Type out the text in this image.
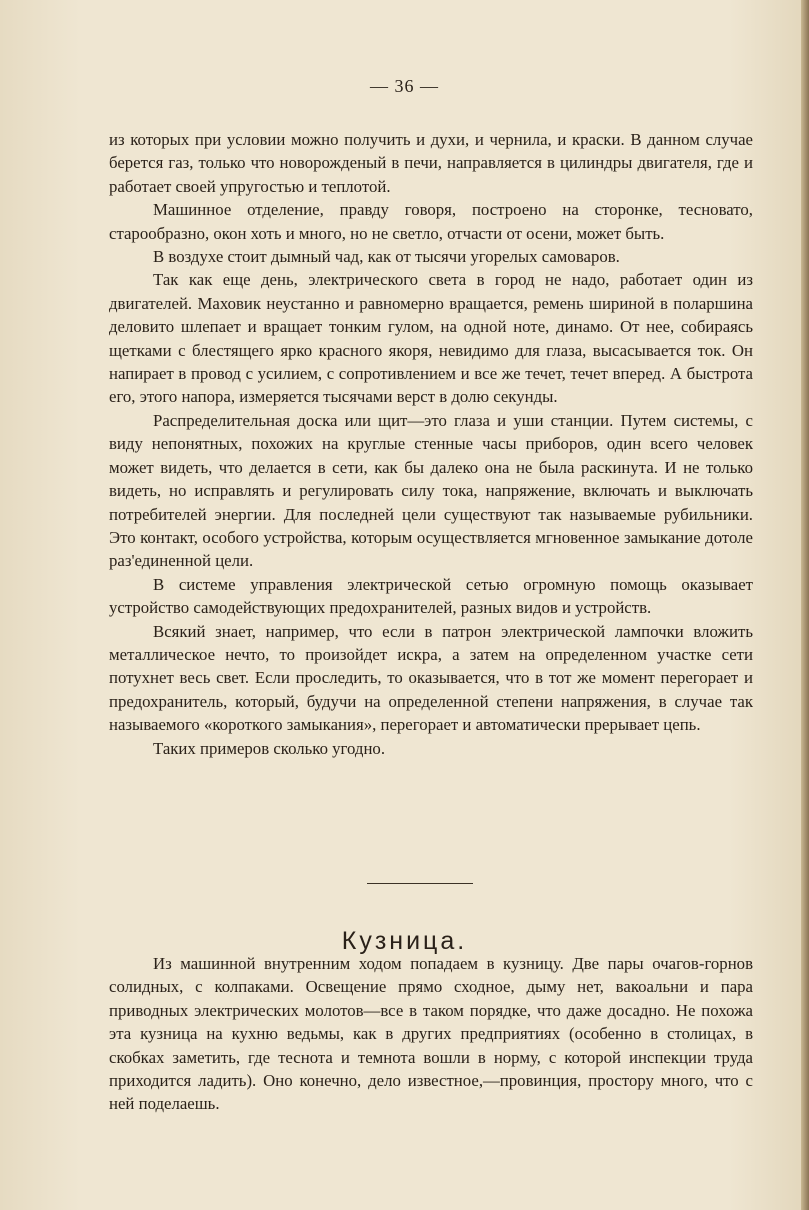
— 36 —

из которых при условии можно получить и духи, и чернила, и краски. В данном случае берется газ, только что новорожденый в печи, направляется в цилиндры двигателя, где и работает своей упругостью и теплотой.

Машинное отделение, правду говоря, построено на сторонке, тесновато, старообразно, окон хоть и много, но не светло, отчасти от осени, может быть.

В воздухе стоит дымный чад, как от тысячи угорелых самоваров.

Так как еще день, электрического света в город не надо, работает один из двигателей. Маховик неустанно и равномерно вращается, ремень шириной в поларшина деловито шлепает и вращает тонким гулом, на одной ноте, динамо. От нее, собираясь щетками с блестящего ярко красного якоря, невидимо для глаза, высасывается ток. Он напирает в провод с усилием, с сопротивлением и все же течет, течет вперед. А быстрота его, этого напора, измеряется тысячами верст в долю секунды.

Распределительная доска или щит—это глаза и уши станции. Путем системы, с виду непонятных, похожих на круглые стенные часы приборов, один всего человек может видеть, что делается в сети, как бы далеко она не была раскинута. И не только видеть, но исправлять и регулировать силу тока, напряжение, включать и выключать потребителей энергии. Для последней цели существуют так называемые рубильники. Это контакт, особого устройства, которым осуществляется мгновенное замыкание дотоле раз'единенной цели.

В системе управления электрической сетью огромную помощь оказывает устройство самодействующих предохранителей, разных видов и устройств.

Всякий знает, например, что если в патрон электрической лампочки вложить металлическое нечто, то произойдет искра, а затем на определенном участке сети потухнет весь свет. Если проследить, то оказывается, что в тот же момент перегорает и предохранитель, который, будучи на определенной степени напряжения, в случае так называемого «короткого замыкания», перегорает и автоматически прерывает цепь.

Таких примеров сколько угодно.

Кузница.

Из машинной внутренним ходом попадаем в кузницу. Две пары очагов-горнов солидных, с колпаками. Освещение прямо сходное, дыму нет, вакоальни и пара приводных электрических молотов—все в таком порядке, что даже досадно. Не похожа эта кузница на кухню ведьмы, как в других предприятиях (особенно в столицах, в скобках заметить, где теснота и темнота вошли в норму, с которой инспекции труда приходится ладить). Оно конечно, дело известное,—провинция, простору много, что с ней поделаешь.
